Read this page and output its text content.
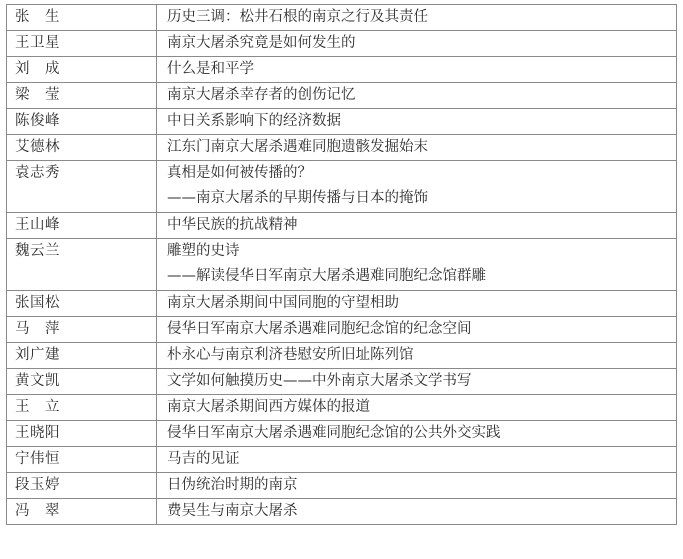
张　生	历史三调：松井石根的南京之行及其责任

王卫星	南京大屠杀究竟是如何发生的

刘　成	什么是和平学

梁　莹	南京大屠杀幸存者的创伤记忆

陈俊峰	中日关系影响下的经济数据

艾德林	江东门南京大屠杀遇难同胞遗骸发掘始末

袁志秀	真相是如何被传播的？
——南京大屠杀的早期传播与日本的掩饰

王山峰	中华民族的抗战精神

魏云兰	雕塑的史诗
——解读侵华日军南京大屠杀遇难同胞纪念馆群雕

张国松	南京大屠杀期间中国同胞的守望相助

马　萍	侵华日军南京大屠杀遇难同胞纪念馆的纪念空间

刘广建	朴永心与南京利济巷慰安所旧址陈列馆

黄文凯	文学如何触摸历史——中外南京大屠杀文学书写

王　立	南京大屠杀期间西方媒体的报道

王晓阳	侵华日军南京大屠杀遇难同胞纪念馆的公共外交实践

宁伟恒	马吉的见证

段玉婷	日伪统治时期的南京

冯　翠	费吴生与南京大屠杀
